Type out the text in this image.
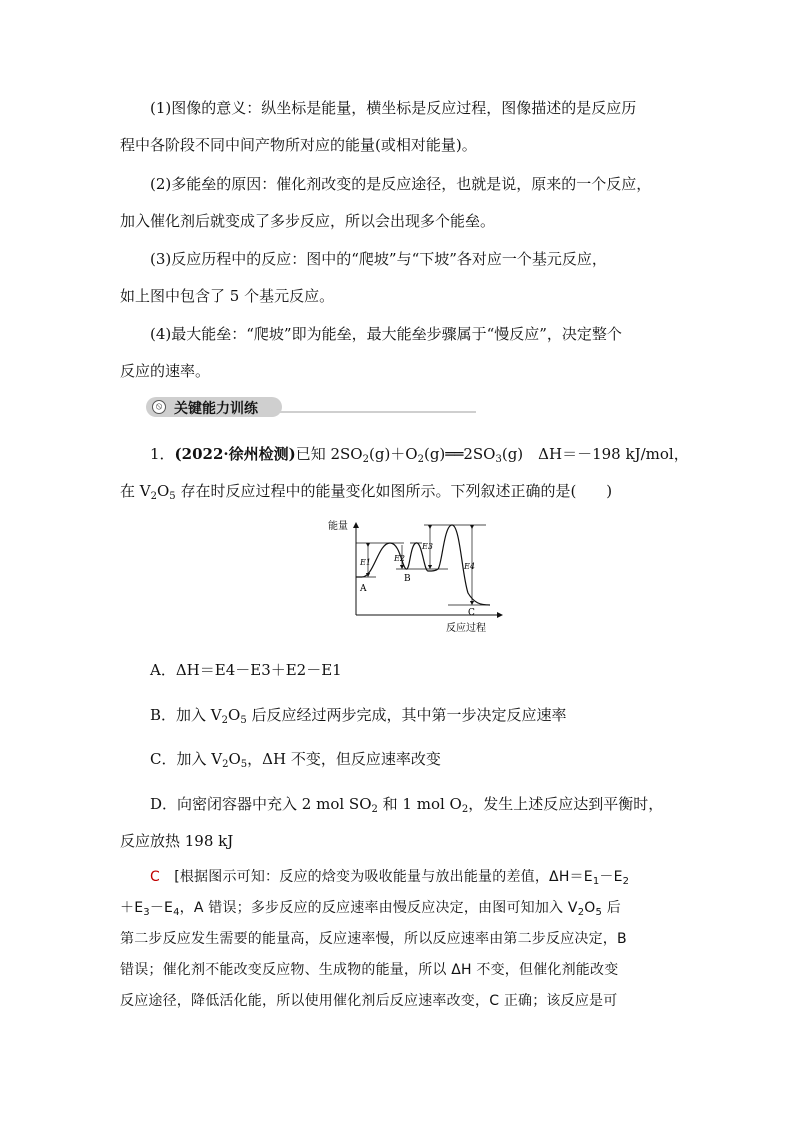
(1)图像的意义：纵坐标是能量，横坐标是反应过程，图像描述的是反应历
程中各阶段不同中间产物所对应的能量(或相对能量)。

(2)多能垒的原因：催化剂改变的是反应途径，也就是说，原来的一个反应，
加入催化剂后就变成了多步反应，所以会出现多个能垒。

(3)反应历程中的反应：图中的“爬坡”与“下坡”各对应一个基元反应，
如上图中包含了 5 个基元反应。

(4)最大能垒：“爬坡”即为能垒，最大能垒步骤属于“慢反应”，决定整个
反应的速率。

⦸ 关键能力训练

1．(2022·徐州检测)已知 $2SO_2(g)+O_2(g)══2SO_3(g)$　 ΔH＝－198 kJ/mol，
在 $V_2O_5$ 存在时反应过程中的能量变化如图所示。下列叙述正确的是(　　)

能量
反应过程
E1	E2
E3
E4
A
B
C

A．ΔH＝E4－E3＋E2－E1

B．加入 $V_2O_5$ 后反应经过两步完成，其中第一步决定反应速率

C．加入 $V_2O_5$，ΔH 不变，但反应速率改变

D．向密闭容器中充入 2 mol $SO_2$ 和 1 mol $O_2$，发生上述反应达到平衡时，
反应放热 198 kJ

C　 [根据图示可知：反应的焓变为吸收能量与放出能量的差值，$\Delta H=E_1-E_2$
$+E_3-E_4$，A 错误；多步反应的反应速率由慢反应决定，由图可知加入 $V_2O_5$ 后
第二步反应发生需要的能量高，反应速率慢，所以反应速率由第二步反应决定，B
错误；催化剂不能改变反应物、生成物的能量，所以 ΔH 不变，但催化剂能改变
反应途径，降低活化能，所以使用催化剂后反应速率改变，C 正确；该反应是可
